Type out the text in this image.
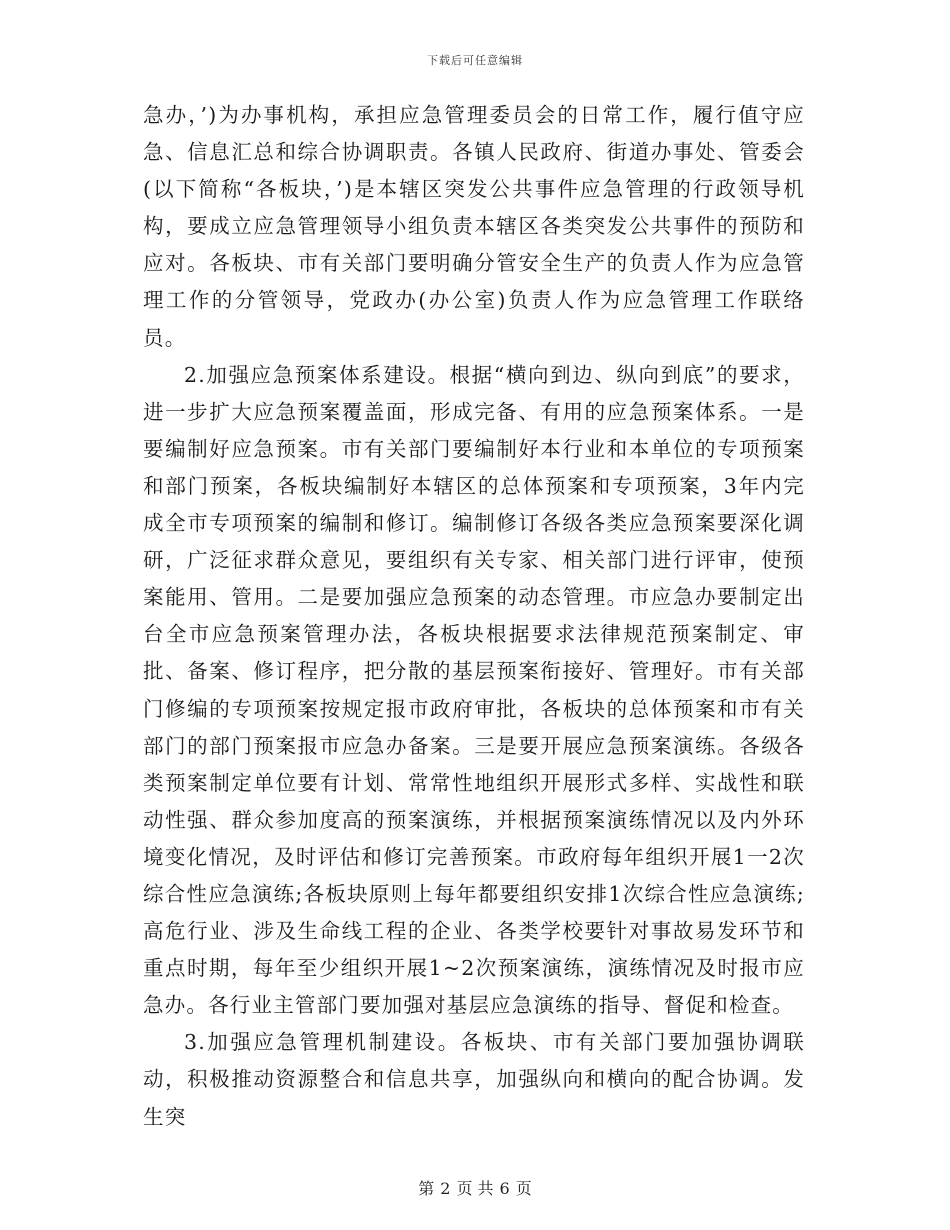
下载后可任意编辑

急办，’)为办事机构，承担应急管理委员会的日常工作，履行值守应急、信息汇总和综合协调职责。各镇人民政府、街道办事处、管委会(以下简称“各板块，’)是本辖区突发公共事件应急管理的行政领导机构，要成立应急管理领导小组负责本辖区各类突发公共事件的预防和应对。各板块、市有关部门要明确分管安全生产的负责人作为应急管理工作的分管领导，党政办(办公室)负责人作为应急管理工作联络员。

2.加强应急预案体系建设。根据“横向到边、纵向到底”的要求，进一步扩大应急预案覆盖面，形成完备、有用的应急预案体系。一是要编制好应急预案。市有关部门要编制好本行业和本单位的专项预案和部门预案，各板块编制好本辖区的总体预案和专项预案，3年内完成全市专项预案的编制和修订。编制修订各级各类应急预案要深化调研，广泛征求群众意见，要组织有关专家、相关部门进行评审，使预案能用、管用。二是要加强应急预案的动态管理。市应急办要制定出台全市应急预案管理办法，各板块根据要求法律规范预案制定、审批、备案、修订程序，把分散的基层预案衔接好、管理好。市有关部门修编的专项预案按规定报市政府审批，各板块的总体预案和市有关部门的部门预案报市应急办备案。三是要开展应急预案演练。各级各类预案制定单位要有计划、常常性地组织开展形式多样、实战性和联动性强、群众参加度高的预案演练，并根据预案演练情况以及内外环境变化情况，及时评估和修订完善预案。市政府每年组织开展1一2次综合性应急演练;各板块原则上每年都要组织安排1次综合性应急演练;高危行业、涉及生命线工程的企业、各类学校要针对事故易发环节和重点时期，每年至少组织开展1~2次预案演练，演练情况及时报市应急办。各行业主管部门要加强对基层应急演练的指导、督促和检查。

3.加强应急管理机制建设。各板块、市有关部门要加强协调联动，积极推动资源整合和信息共享，加强纵向和横向的配合协调。发生突

第 2 页 共 6 页
